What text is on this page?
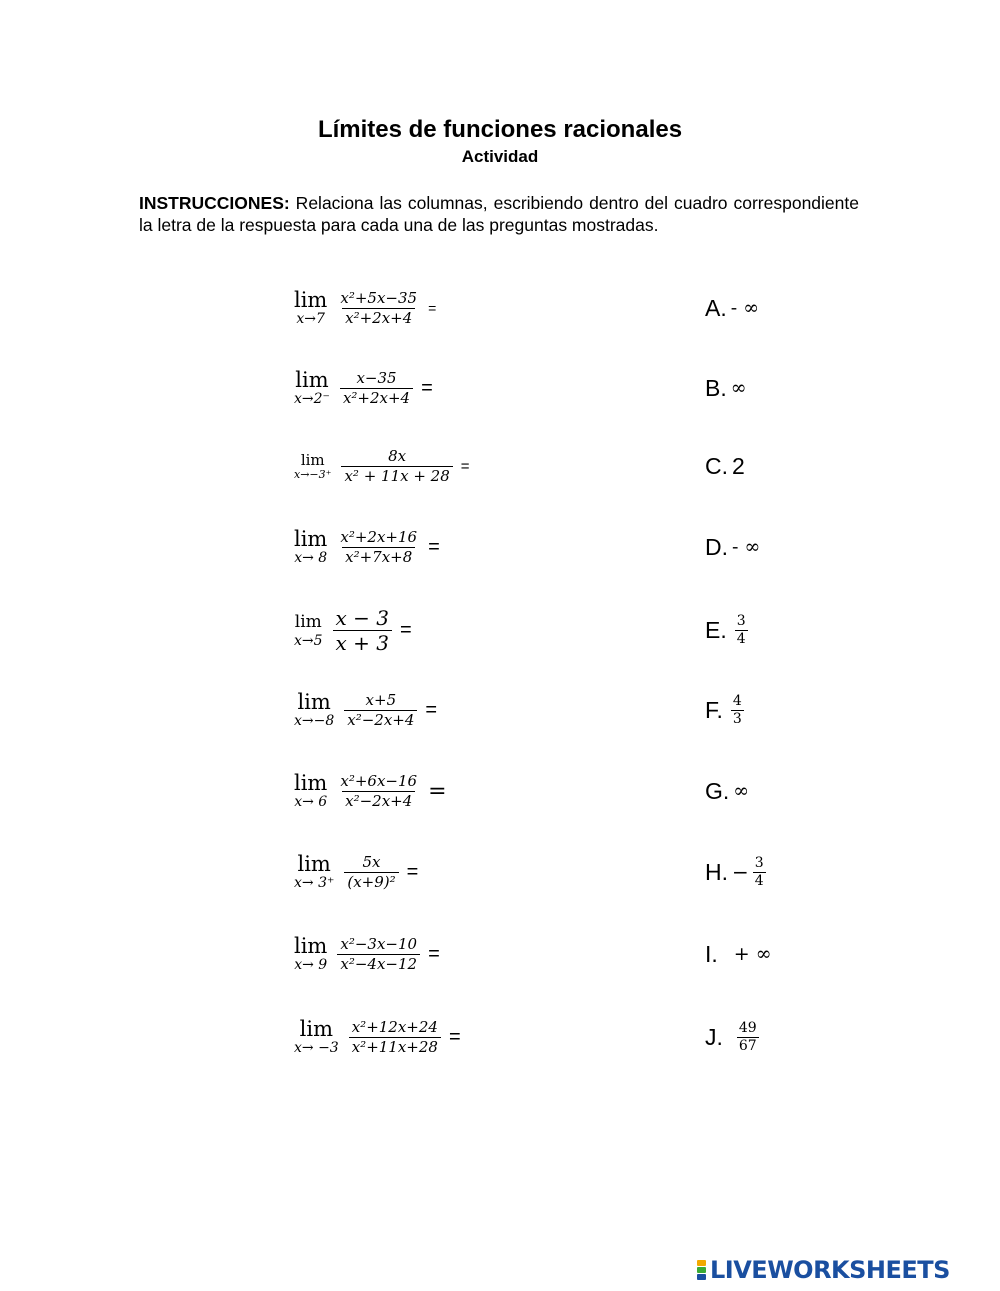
Límites de funciones racionales
Actividad
INSTRUCCIONES: Relaciona las columnas, escribiendo dentro del cuadro correspondiente la letra de la respuesta para cada una de las preguntas mostradas.
lim
$x\to 7 \frac{\text{x²+5x−35}}{\text{x²+2x+4}}$ =	A. - ∞
lim
$x\to 2^- \frac{x-35}{\text{x²+2x+4}}$ =	B. ∞
lim
$x\to-3^+ \frac{8x}{\text{x² + 11x + 28}}$ =	C. 2
lim
$x\to 8 \frac{\text{x²+2x+16}}{\text{x²+7x+8}}$ =	D. - ∞
lim
$x\to 5 \frac{x - 3}{x + 3}$ =	E. $\frac{3}{4}$
lim
$x\to-8 \frac{x+5}{\text{x²−2x+4}}$ =	F. $\frac{4}{3}$
lim
$x\to 6 \frac{\text{x²+6x−16}}{\text{x²−2x+4}}$ =	G. ∞
lim
$x\to 3^+ \frac{5x}{\text{(x+9)²}}$ =	H. − $\frac{3}{4}$
lim
$x\to 9 \frac{\text{x²−3x−10}}{\text{x²−4x−12}}$ =	I. + ∞
lim
$x\to -3 \frac{\text{x²+12x+24}}{\text{x²+11x+28}}$ =	J. $\frac{49}{67}$
LIVEWORKSHEETS
